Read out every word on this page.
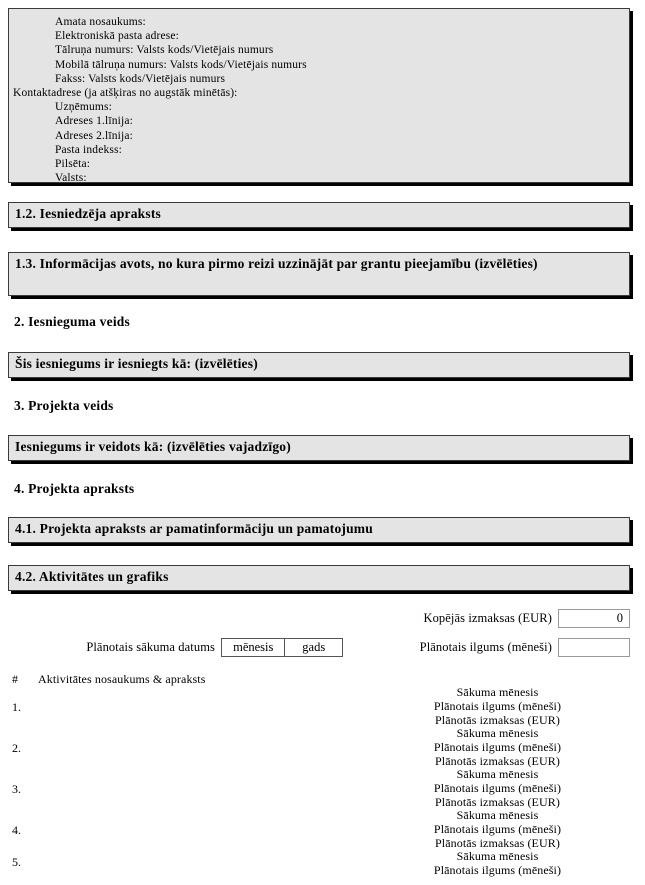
Amata nosaukums:
Elektroniskā pasta adrese:
Tālruņa numurs: Valsts kods/Vietējais numurs
Mobilā tālruņa numurs: Valsts kods/Vietējais numurs
Fakss: Valsts kods/Vietējais numurs
Kontaktadrese (ja atšķiras no augstāk minētās):
Uzņēmums:
Adreses 1.līnija:
Adreses 2.līnija:
Pasta indekss:
Pilsēta:
Valsts:
1.2. Iesniedzēja apraksts
1.3. Informācijas avots, no kura pirmo reizi uzzinājāt par grantu pieejamību (izvēlēties)
2. Iesnieguma veids
Šis iesniegums ir iesniegts kā: (izvēlēties)
3. Projekta veids
Iesniegums ir veidots kā: (izvēlēties vajadzīgo)
4. Projekta apraksts
4.1. Projekta apraksts ar pamatinformāciju un pamatojumu
4.2. Aktivitātes un grafiks
Kopējās izmaksas (EUR)	0
Plānotais sākuma datums	mēnesis	gads	Plānotais ilgums (mēneši)
# Aktivitātes nosaukums & apraksts
1.
Sākuma mēnesis
Plānotais ilgums (mēneši)
Plānotās izmaksas (EUR)
2.
Sākuma mēnesis
Plānotais ilgums (mēneši)
Plānotās izmaksas (EUR)
3.
Sākuma mēnesis
Plānotais ilgums (mēneši)
Plānotās izmaksas (EUR)
4.
Sākuma mēnesis
Plānotais ilgums (mēneši)
Plānotās izmaksas (EUR)
5.	Sākuma mēnesis
Plānotais ilgums (mēneši)
